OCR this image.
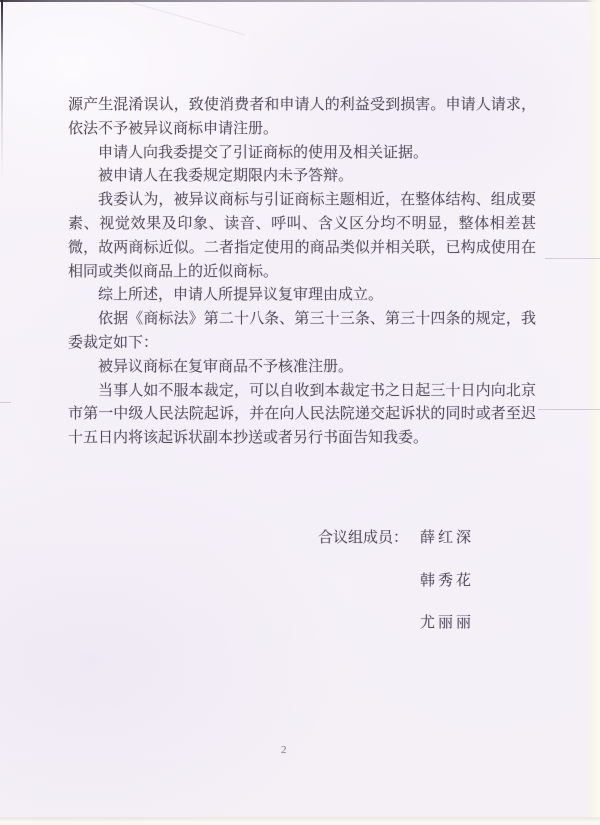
源产生混淆误认，致使消费者和申请人的利益受到损害。申请人请求，依法不予被异议商标申请注册。

申请人向我委提交了引证商标的使用及相关证据。

被申请人在我委规定期限内未予答辩。

我委认为，被异议商标与引证商标主题相近，在整体结构、组成要素、视觉效果及印象、读音、呼叫、含义区分均不明显，整体相差甚微，故两商标近似。二者指定使用的商品类似并相关联，已构成使用在相同或类似商品上的近似商标。

综上所述，申请人所提异议复审理由成立。

依据《商标法》第二十八条、第三十三条、第三十四条的规定，我委裁定如下：

被异议商标在复审商品不予核准注册。

当事人如不服本裁定，可以自收到本裁定书之日起三十日内向北京市第一中级人民法院起诉，并在向人民法院递交起诉状的同时或者至迟十五日内将该起诉状副本抄送或者另行书面告知我委。

合议组成员： 薛红深
韩秀花
尤丽丽
2
